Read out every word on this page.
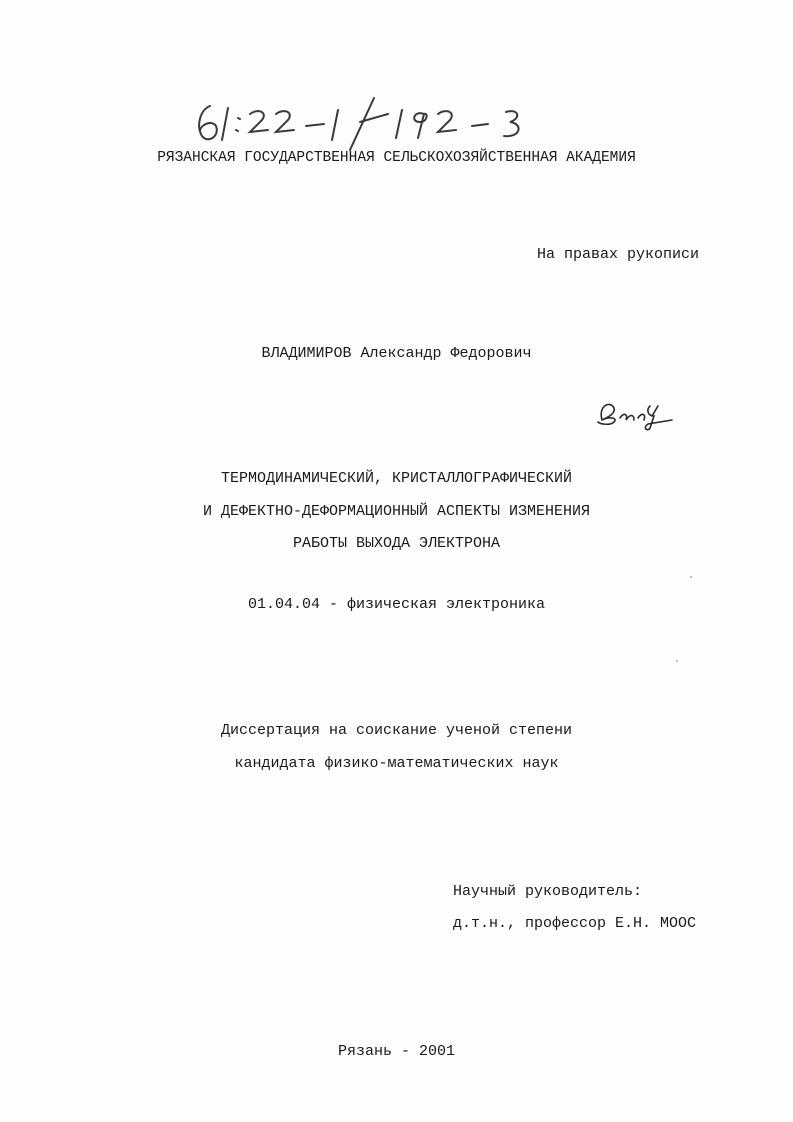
РЯЗАНСКАЯ ГОСУДАРСТВЕННАЯ СЕЛЬСКОХОЗЯЙСТВЕННАЯ АКАДЕМИЯ
На правах рукописи
ВЛАДИМИРОВ Александр Федорович
ТЕРМОДИНАМИЧЕСКИЙ, КРИСТАЛЛОГРАФИЧЕСКИЙ
И ДЕФЕКТНО-ДЕФОРМАЦИОННЫЙ АСПЕКТЫ ИЗМЕНЕНИЯ
РАБОТЫ ВЫХОДА ЭЛЕКТРОНА
01.04.04 - физическая электроника
Диссертация на соискание ученой степени
кандидата физико-математических наук
Научный руководитель:
д.т.н., профессор Е.Н. МООС
Рязань - 2001
